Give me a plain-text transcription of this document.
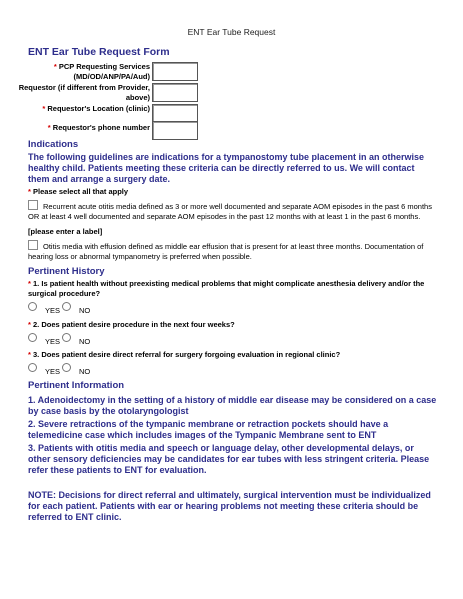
ENT Ear Tube Request
ENT Ear Tube Request Form
* PCP Requesting Services (MD/OD/ANP/PA/Aud)
Requestor (if different from Provider, above)
* Requestor's Location (clinic)
* Requestor's phone number
Indications
The following guidelines are indications for a tympanostomy tube placement in an otherwise healthy child. Patients meeting these criteria can be directly referred to us. We will contact them and arrange a surgery date.
* Please select all that apply
Recurrent acute otitis media defined as 3 or more well documented and separate AOM episodes in the past 6 months OR at least 4 well documented and separate AOM episodes in the past 12 months with at least 1 in the past 6 months.
[please enter a label]
Otitis media with effusion defined as middle ear effusion that is present for at least three months. Documentation of hearing loss or abnormal tympanometry is preferred when possible.
Pertinent History
* 1. Is patient health without preexisting medical problems that might complicate anesthesia delivery and/or the surgical procedure?
YES	NO
* 2. Does patient desire procedure in the next four weeks?
YES	NO
* 3. Does patient desire direct referral for surgery forgoing evaluation in regional clinic?
YES	NO
Pertinent Information
1. Adenoidectomy in the setting of a history of middle ear disease may be considered on a case by case basis by the otolaryngologist
2. Severe retractions of the tympanic membrane or retraction pockets should have a telemedicine case which includes images of the Tympanic Membrane sent to ENT
3. Patients with otitis media and speech or language delay, other developmental delays, or other sensory deficiencies may be candidates for ear tubes with less stringent criteria. Please refer these patients to ENT for evaluation.
NOTE: Decisions for direct referral and ultimately, surgical intervention must be individualized for each patient. Patients with ear or hearing problems not meeting these criteria should be referred to ENT clinic.
